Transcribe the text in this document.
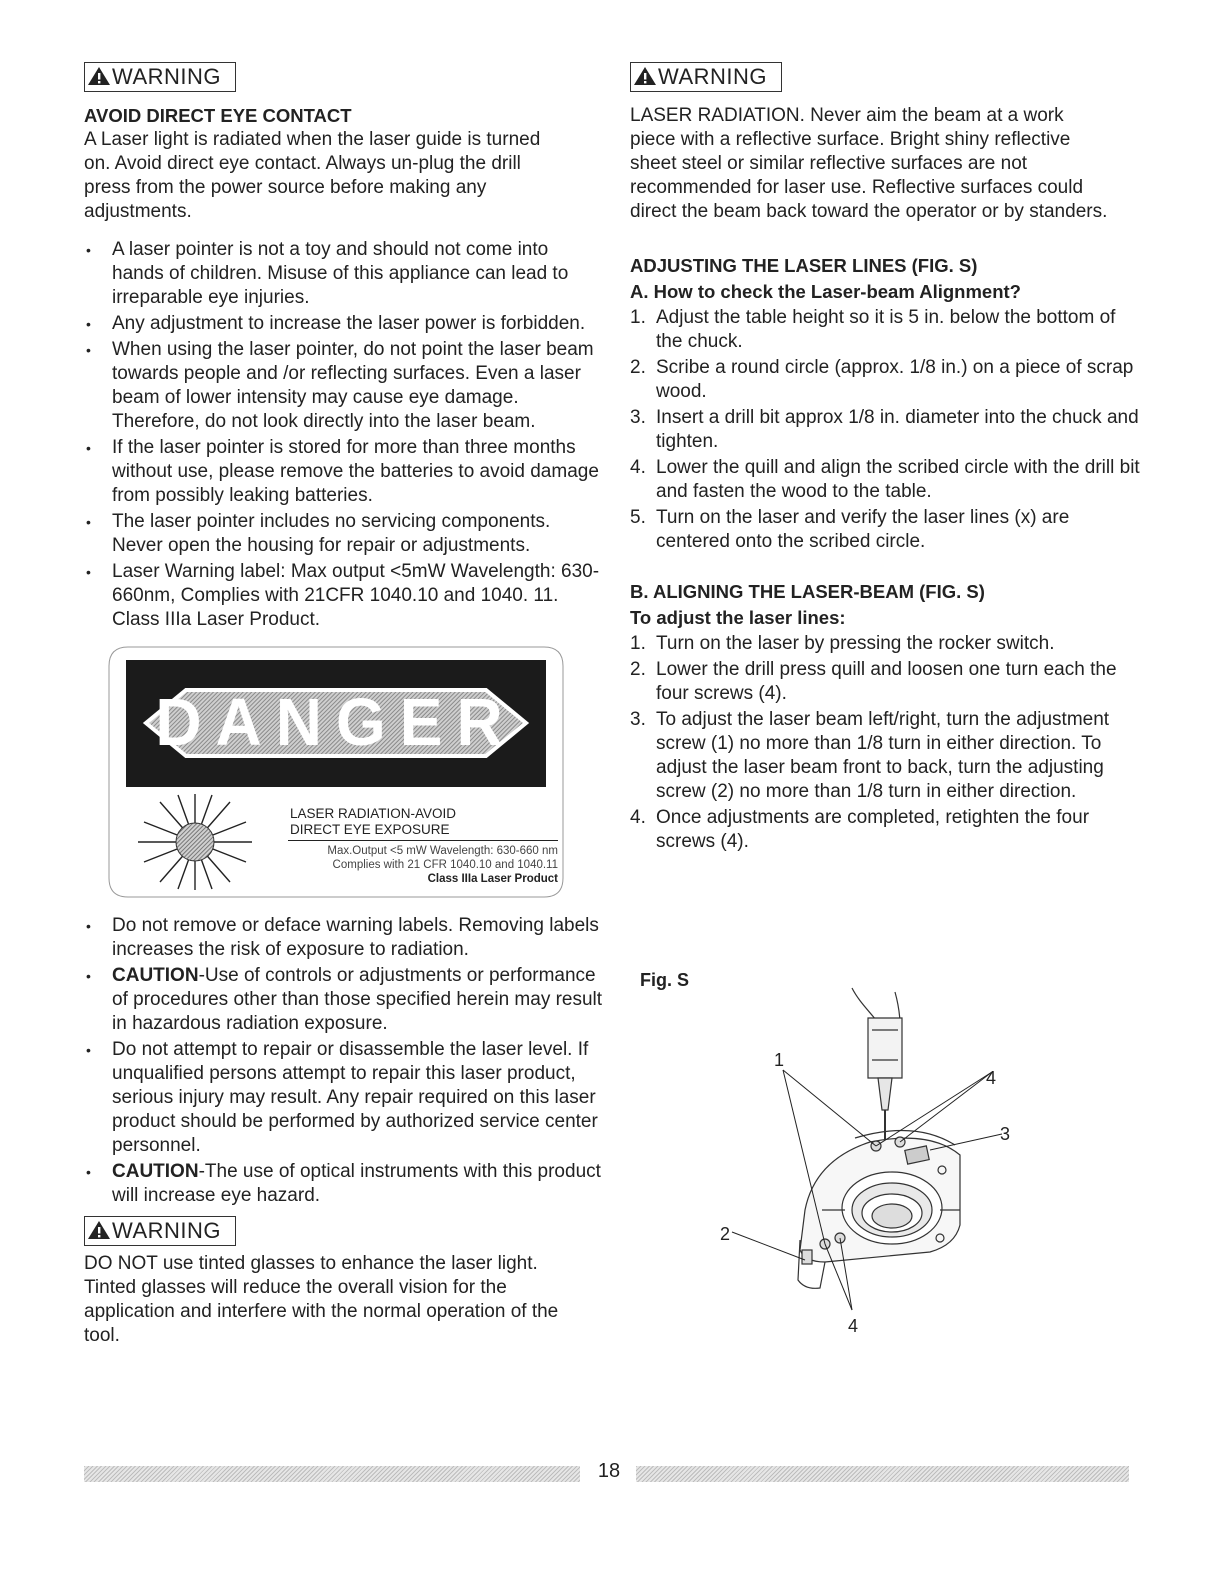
WARNING

AVOID DIRECT EYE CONTACT

A Laser light is radiated when the laser guide is turned on. Avoid direct eye contact. Always un-plug the drill press from the power source before making any adjustments.

• A laser pointer is not a toy and should not come into hands of children. Misuse of this appliance can lead to irreparable eye injuries.
• Any adjustment to increase the laser power is forbidden.
• When using the laser pointer, do not point the laser beam towards people and /or reflecting surfaces. Even a laser beam of lower intensity may cause eye damage. Therefore, do not look directly into the laser beam.
• If the laser pointer is stored for more than three months without use, please remove the batteries to avoid damage from possibly leaking batteries.
• The laser pointer includes no servicing components. Never open the housing for repair or adjustments.
• Laser Warning label: Max output <5mW Wavelength: 630-660nm, Complies with 21CFR 1040.10 and 1040. 11. Class IIIa Laser Product.
DANGER
LASER RADIATION-AVOID
DIRECT EYE EXPOSURE
Max.Output <5 mW Wavelength: 630-660 nm
Complies with 21 CFR 1040.10 and 1040.11
Class IIIa Laser Product
• Do not remove or deface warning labels. Removing labels increases the risk of exposure to radiation.
• CAUTION-Use of controls or adjustments or performance of procedures other than those specified herein may result in hazardous radiation exposure.
• Do not attempt to repair or disassemble the laser level. If unqualified persons attempt to repair this laser product, serious injury may result. Any repair required on this laser product should be performed by authorized service center personnel.
• CAUTION-The use of optical instruments with this product will increase eye hazard.
WARNING

DO NOT use tinted glasses to enhance the laser light. Tinted glasses will reduce the overall vision for the application and interfere with the normal operation of the tool.

WARNING

LASER RADIATION. Never aim the beam at a work piece with a reflective surface. Bright shiny reflective sheet steel or similar reflective surfaces are not recommended for laser use. Reflective surfaces could direct the beam back toward the operator or by standers.

ADJUSTING THE LASER LINES (FIG. S)

A. How to check the Laser-beam Alignment?

1. Adjust the table height so it is 5 in. below the bottom of the chuck.
2. Scribe a round circle (approx. 1/8 in.) on a piece of scrap wood.
3. Insert a drill bit approx 1/8 in. diameter into the chuck and tighten.
4. Lower the quill and align the scribed circle with the drill bit and fasten the wood to the table.
5. Turn on the laser and verify the laser lines (x) are centered onto the scribed circle.

B. ALIGNING THE LASER-BEAM (FIG. S)

To adjust the laser lines:

1. Turn on the laser by pressing the rocker switch.
2. Lower the drill press quill and loosen one turn each the four screws (4).
3. To adjust the laser beam left/right, turn the adjustment screw (1) no more than 1/8 turn in either direction. To adjust the laser beam front to back, turn the adjusting screw (2) no more than 1/8 turn in either direction.
4. Once adjustments are completed, retighten the four screws (4).
Fig. S
1
4
3
2
4
18
